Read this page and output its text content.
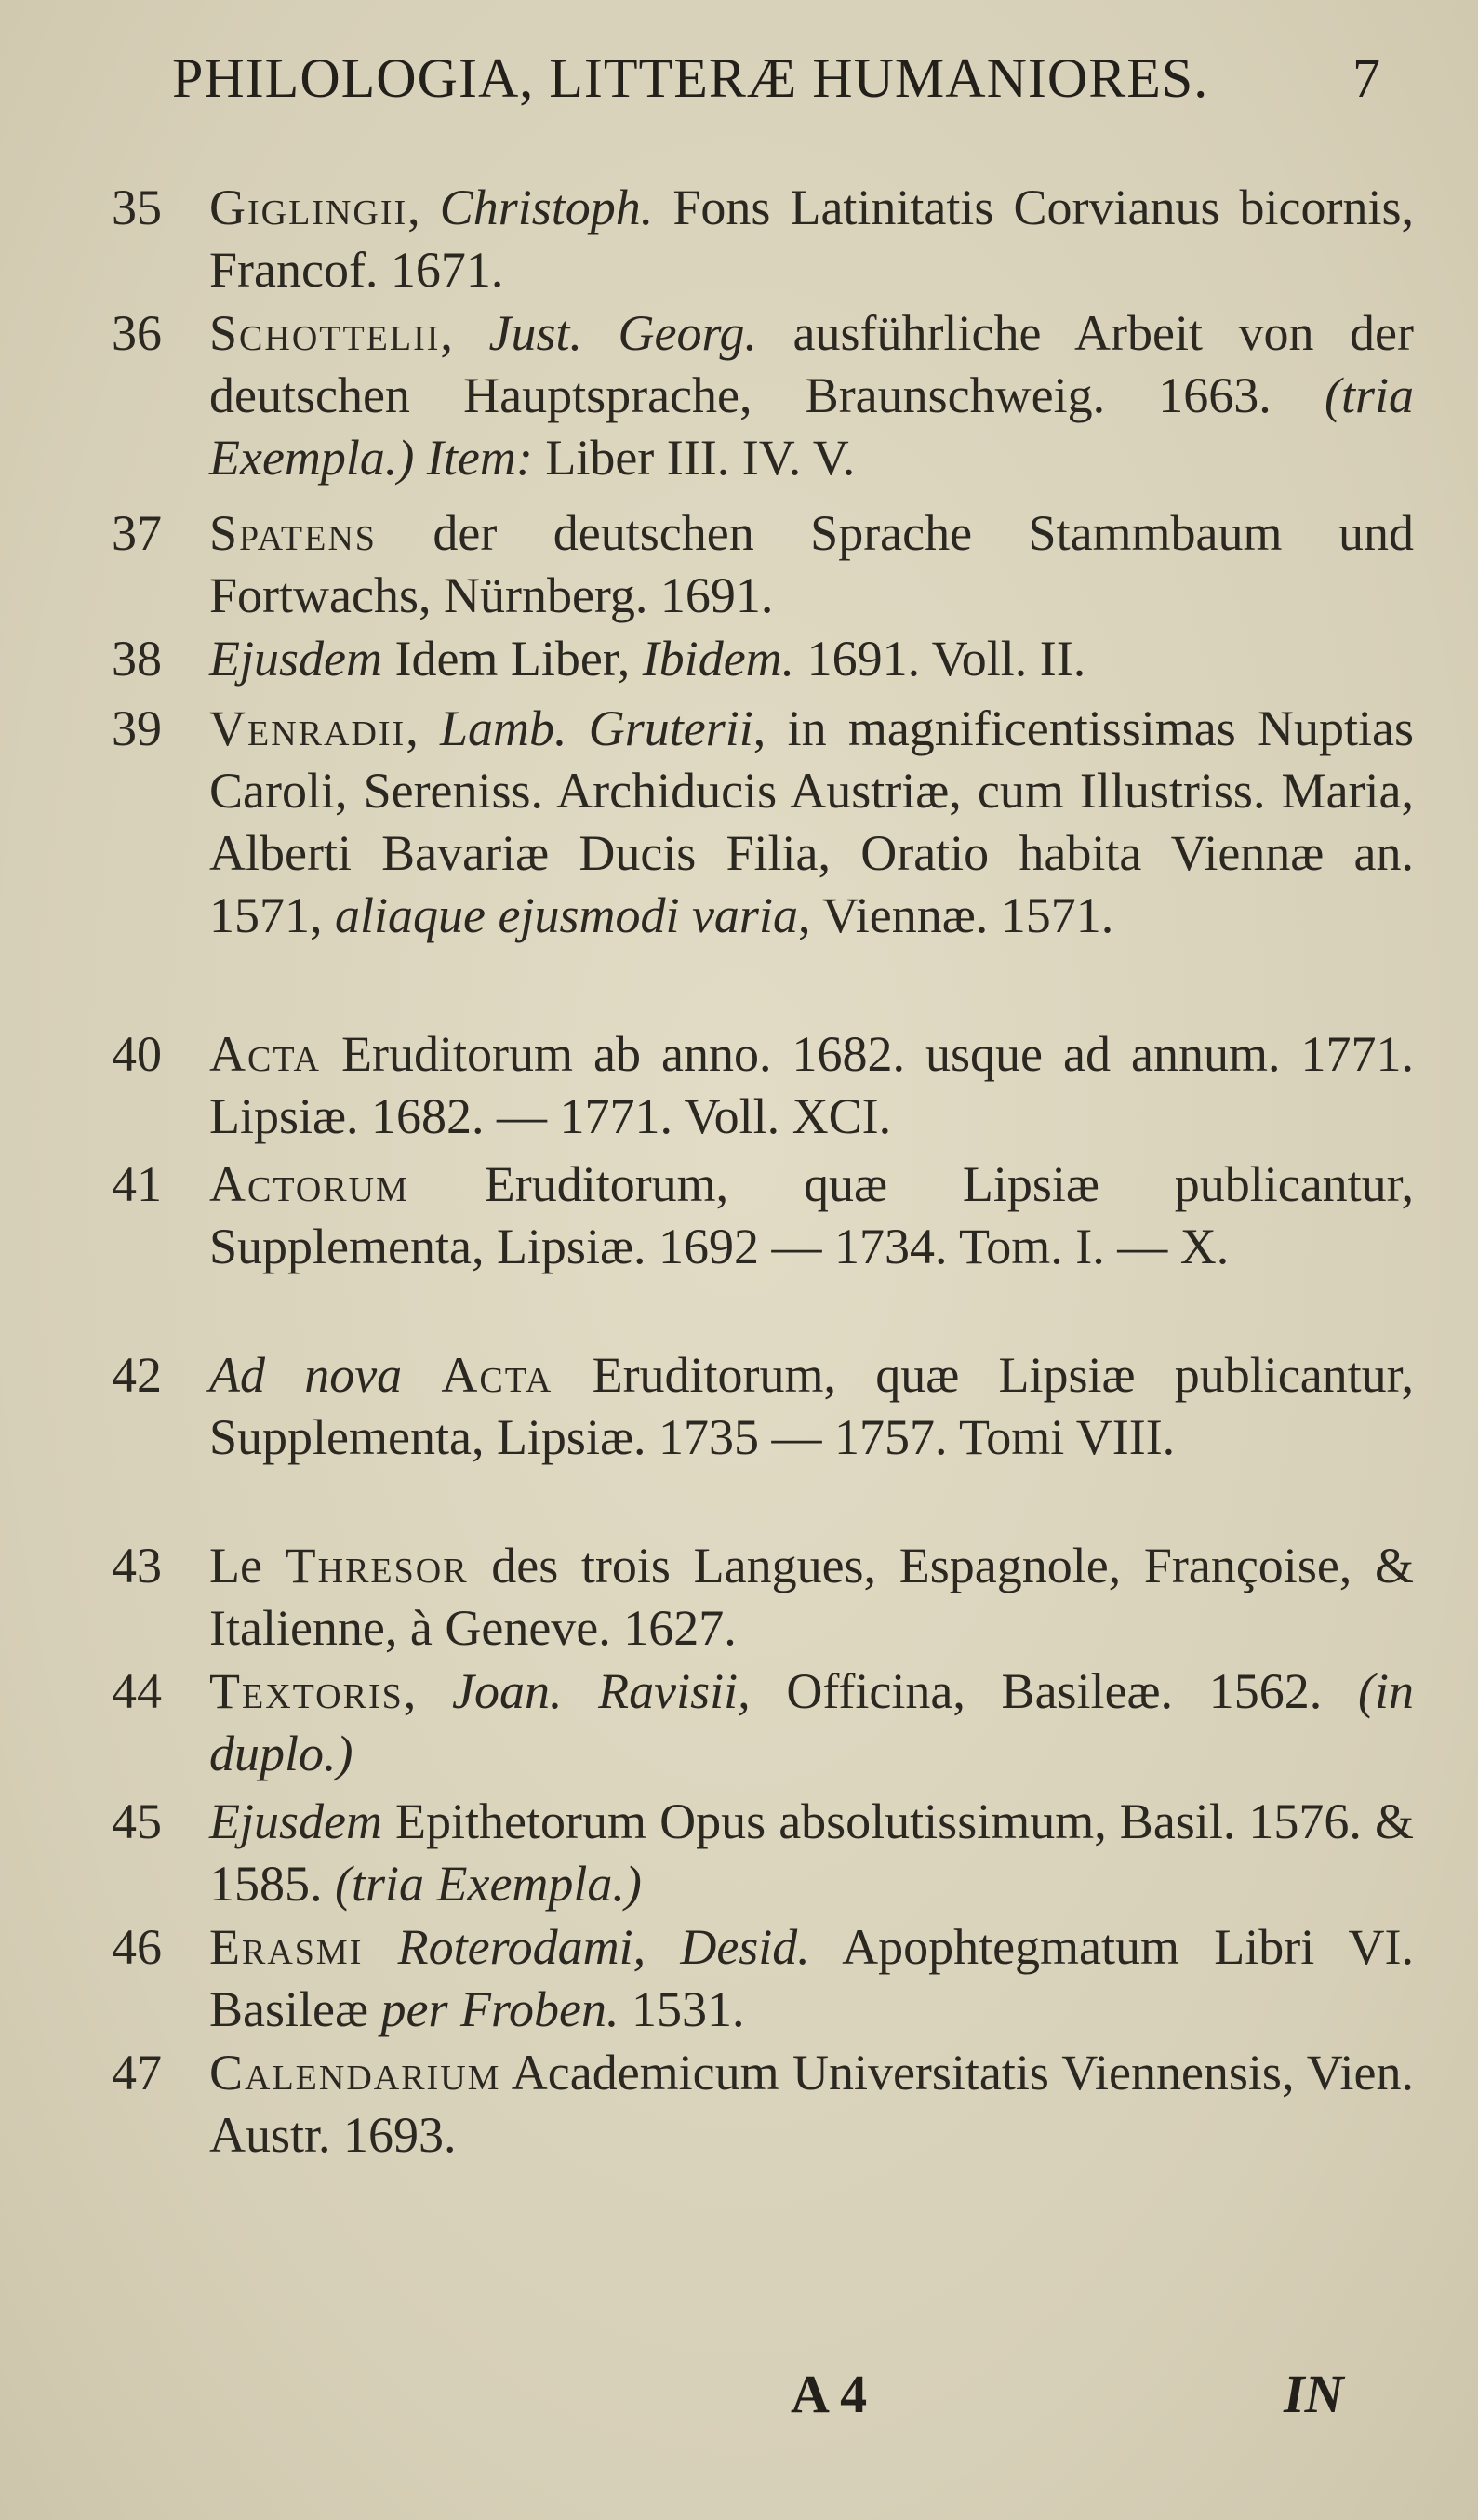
PHILOLOGIA, LITTERÆ HUMANIORES.	7
35 Giglingii, Christoph. Fons Latinitatis Corvianus bicornis, Francof. 1671.
36 Schottelii, Just. Georg. ausführliche Arbeit von der deutschen Hauptsprache, Braunschweig. 1663. (tria Exempla.) Item: Liber III. IV. V.
37 Spatens der deutschen Sprache Stammbaum und Fortwachs, Nürnberg. 1691.
38 Ejusdem Idem Liber, Ibidem. 1691. Voll. II.
39 Venradii, Lamb. Gruterii, in magnificentissimas Nuptias Caroli, Sereniss. Archiducis Austriæ, cum Illustriss. Maria, Alberti Bavariæ Ducis Filia, Oratio habita Viennæ an. 1571, aliaque ejusmodi varia, Viennæ. 1571.
40 Acta Eruditorum ab anno. 1682. usque ad annum. 1771. Lipsiæ. 1682. — 1771. Voll. XCI.
41 Actorum Eruditorum, quæ Lipsiæ publicantur, Supplementa, Lipsiæ. 1692 — 1734. Tom. I. — X.
42 Ad nova Acta Eruditorum, quæ Lipsiæ publicantur, Supplementa, Lipsiæ. 1735 — 1757. Tomi VIII.
43 Le Thresor des trois Langues, Espagnole, Françoise, & Italienne, à Geneve. 1627.
44 Textoris, Joan. Ravisii, Officina, Basileæ. 1562. (in duplo.)
45 Ejusdem Epithetorum Opus absolutissimum, Basil. 1576. & 1585. (tria Exempla.)
46 Erasmi Roterodami, Desid. Apophtegmatum Libri VI. Basileæ per Froben. 1531.
47 Calendarium Academicum Universitatis Viennensis, Vien. Austr. 1693.
A 4	IN
